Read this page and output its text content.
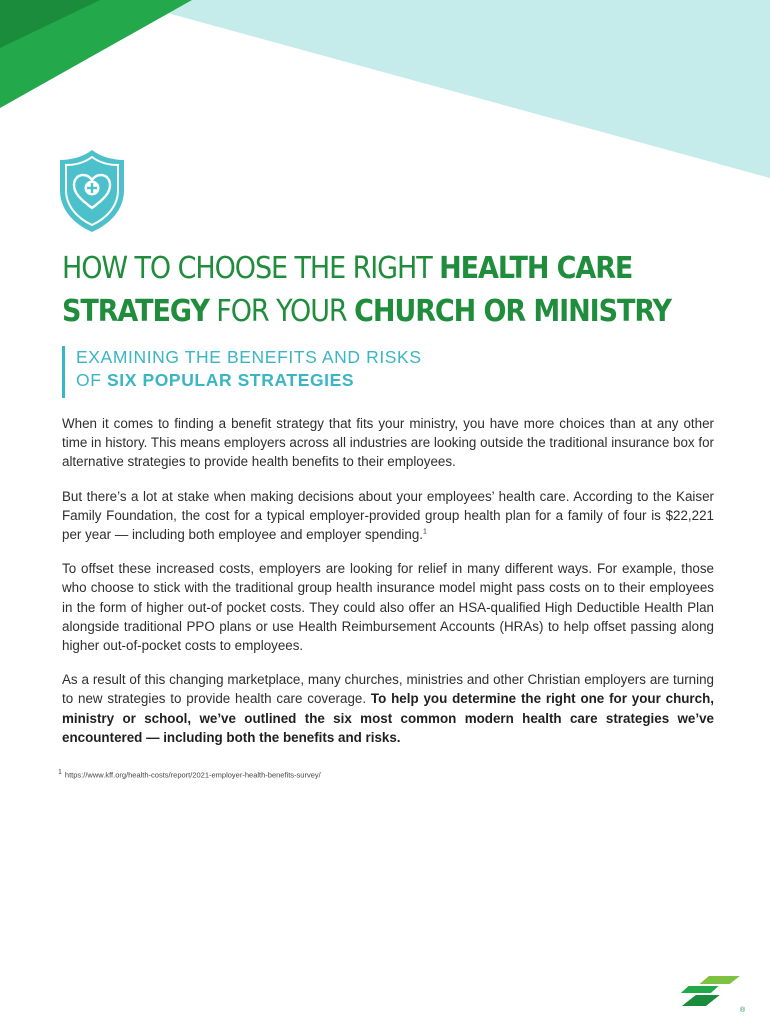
HOW TO CHOOSE THE RIGHT HEALTH CARE
STRATEGY FOR YOUR CHURCH OR MINISTRY
EXAMINING THE BENEFITS AND RISKS
OF SIX POPULAR STRATEGIES

When it comes to finding a benefit strategy that fits your ministry, you have more choices than at any other time in history. This means employers across all industries are looking outside the traditional insurance box for alternative strategies to provide health benefits to their employees.

But there’s a lot at stake when making decisions about your employees’ health care. According to the Kaiser Family Foundation, the cost for a typical employer-provided group health plan for a family of four is $22,221 per year — including both employee and employer spending.$^1$

To offset these increased costs, employers are looking for relief in many different ways. For example, those who choose to stick with the traditional group health insurance model might pass costs on to their employees in the form of higher out-of pocket costs. They could also offer an HSA-qualified High Deductible Health Plan alongside traditional PPO plans or use Health Reimbursement Accounts (HRAs) to help offset passing along higher out-of-pocket costs to employees.

As a result of this changing marketplace, many churches, ministries and other Christian employers are turning to new strategies to provide health care coverage. To help you determine the right one for your church, ministry or school, we’ve outlined the six most common modern health care strategies we’ve encountered — including both the benefits and risks.

$^1$ https://www.kff.org/health-costs/report/2021-employer-health-benefits-survey/
®
